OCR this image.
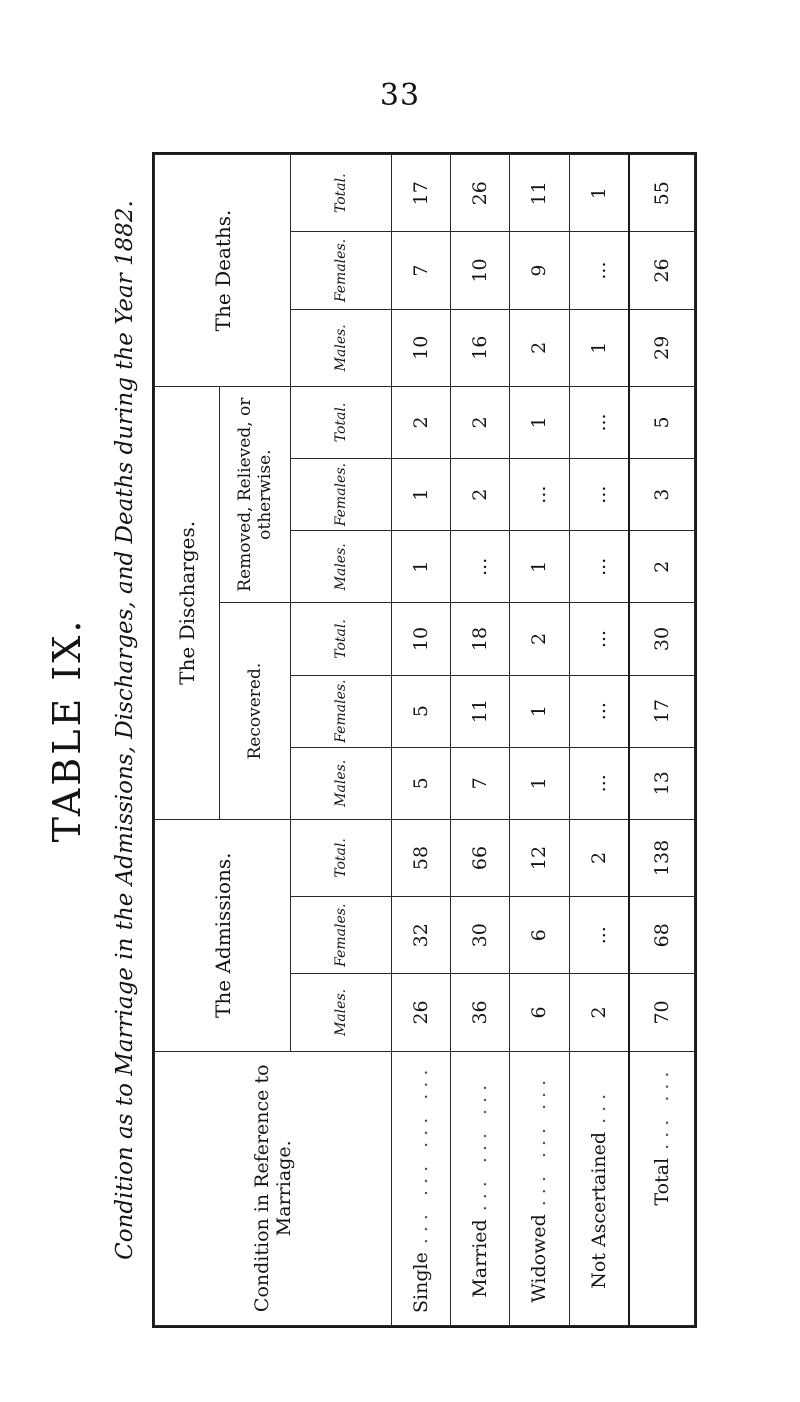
33
TABLE IX. Condition as to Marriage in the Admissions, Discharges, and Deaths during the Year 1882.	Condition in Reference to Marriage.	The Admissions.			The Discharges.						The Deaths.		
				Recovered.			Removed, Relieved, or otherwise.					
	Males.	Females.	Total.	Males.	Females.	Total.	Males.	Females.	Total.	Males.	Females.	Total.
Single... ... ... ...	26	32	58	5	5	10	1	1	2	10	7	17
Married... ... ...	36	30	66	7	11	18	...	2	2	16	10	26
Widowed... ... ...	6	6	12	1	1	2	1	...	1	2	9	11
Not Ascertained...	2	...	2	...	...	...	...	...	...	1	...	1
Total... ...	70	68	138	13	17	30	2	3	5	29	26	55
